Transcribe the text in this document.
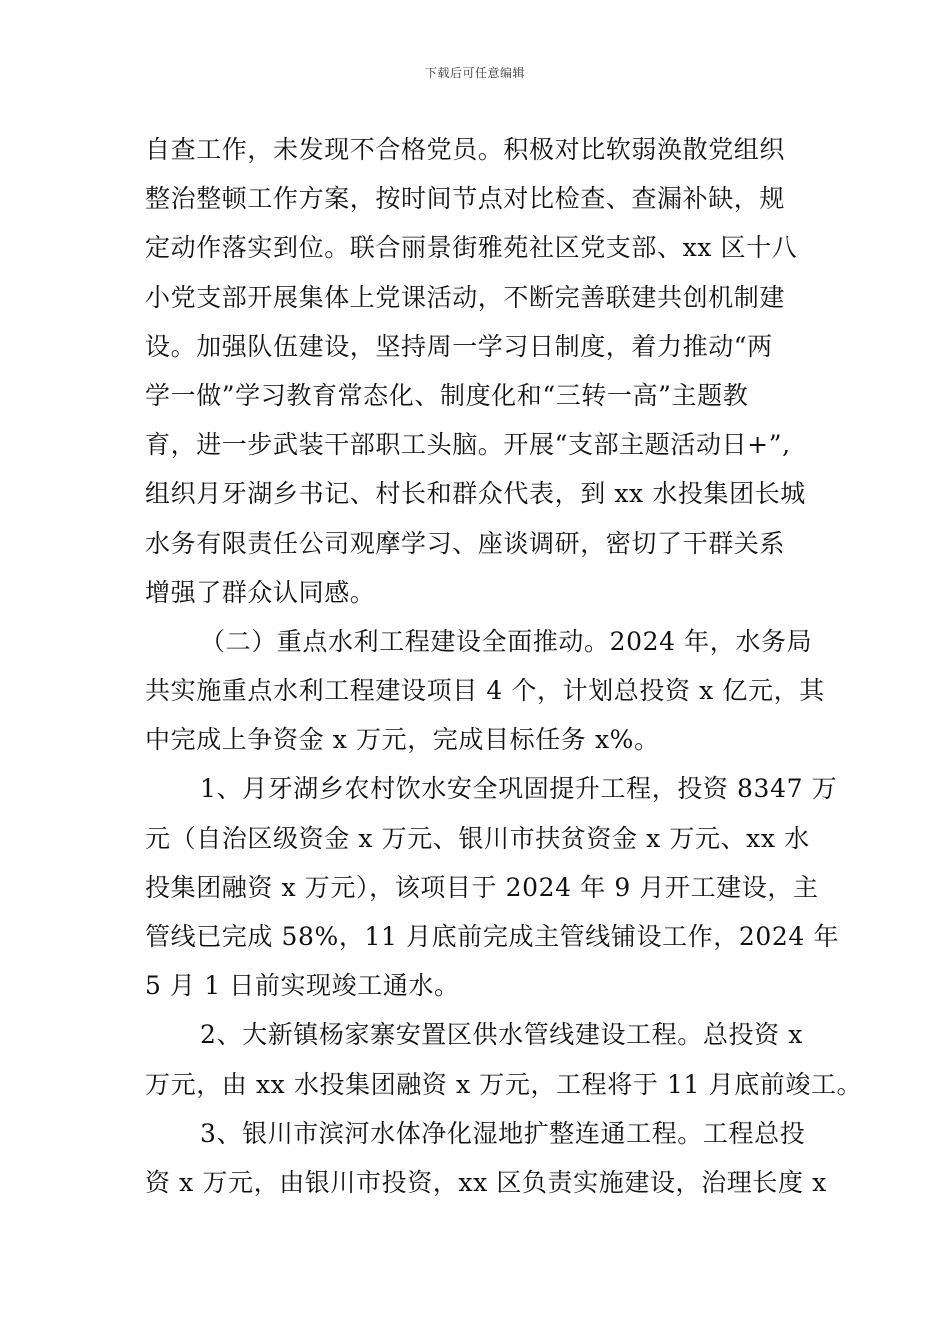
下载后可任意编辑
自查工作，未发现不合格党员。积极对比软弱涣散党组织
整治整顿工作方案，按时间节点对比检查、查漏补缺，规
定动作落实到位。联合丽景街雅苑社区党支部、xx 区十八
小党支部开展集体上党课活动，不断完善联建共创机制建
设。加强队伍建设，坚持周一学习日制度，着力推动“两
学一做”学习教育常态化、制度化和“三转一高”主题教
育，进一步武装干部职工头脑。开展“支部主题活动日+”,
组织月牙湖乡书记、村长和群众代表，到 xx 水投集团长城
水务有限责任公司观摩学习、座谈调研，密切了干群关系
增强了群众认同感。
（二）重点水利工程建设全面推动。2024 年，水务局
共实施重点水利工程建设项目 4 个，计划总投资 x 亿元，其
中完成上争资金 x 万元，完成目标任务 x%。
1、月牙湖乡农村饮水安全巩固提升工程，投资 8347 万
元（自治区级资金 x 万元、银川市扶贫资金 x 万元、xx 水
投集团融资 x 万元），该项目于 2024 年 9 月开工建设，主
管线已完成 58%，11 月底前完成主管线铺设工作，2024 年
5 月 1 日前实现竣工通水。
2、大新镇杨家寨安置区供水管线建设工程。总投资 x
万元，由 xx 水投集团融资 x 万元，工程将于 11 月底前竣工。
3、银川市滨河水体净化湿地扩整连通工程。工程总投
资 x 万元，由银川市投资，xx 区负责实施建设，治理长度 x
